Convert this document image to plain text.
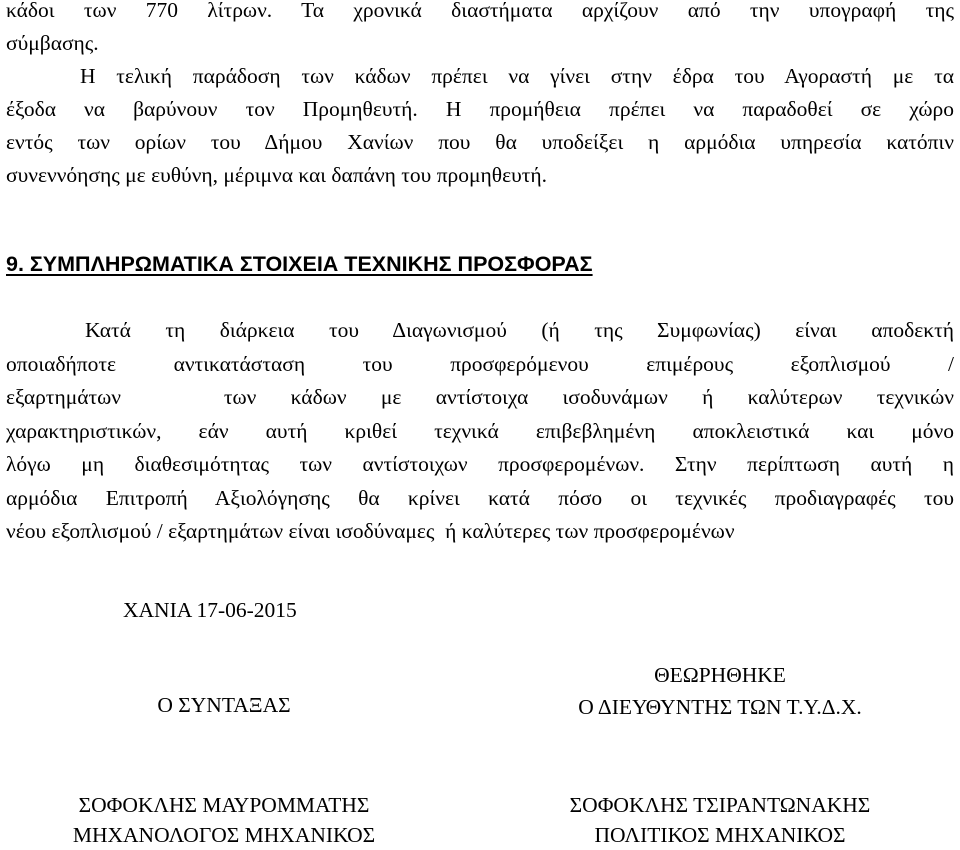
κάδοι των 770 λίτρων. Τα χρονικά διαστήματα αρχίζουν από την υπογραφή της
σύμβασης.
Η τελική παράδοση των κάδων πρέπει να γίνει στην έδρα του Αγοραστή με τα
έξοδα να βαρύνουν τον Προμηθευτή. Η προμήθεια πρέπει να παραδοθεί σε χώρο
εντός των ορίων του Δήμου Χανίων που θα υποδείξει η αρμόδια υπηρεσία κατόπιν
συνεννόησης με ευθύνη, μέριμνα και δαπάνη του προμηθευτή.
9. ΣΥΜΠΛΗΡΩΜΑΤΙΚΑ ΣΤΟΙΧΕΙΑ ΤΕΧΝΙΚΗΣ ΠΡΟΣΦΟΡΑΣ
Κατά τη διάρκεια του Διαγωνισμού (ή της Συμφωνίας) είναι αποδεκτή
οποιαδήποτε αντικατάσταση του προσφερόμενου επιμέρους εξοπλισμού /
εξαρτημάτων   των κάδων με αντίστοιχα ισοδυνάμων ή καλύτερων τεχνικών
χαρακτηριστικών, εάν αυτή κριθεί τεχνικά επιβεβλημένη αποκλειστικά και μόνο
λόγω μη διαθεσιμότητας των αντίστοιχων προσφερομένων. Στην περίπτωση αυτή η
αρμόδια Επιτροπή Αξιολόγησης θα κρίνει κατά πόσο οι τεχνικές προδιαγραφές του
νέου εξοπλισμού / εξαρτημάτων είναι ισοδύναμες  ή καλύτερες των προσφερομένων
ΧΑΝΙΑ 17-06-2015
Ο ΣΥΝΤΑΞΑΣ
ΘΕΩΡΗΘΗΚΕ
Ο ΔΙΕΥΘΥΝΤΗΣ ΤΩΝ Τ.Υ.Δ.Χ.
ΣΟΦΟΚΛΗΣ ΜΑΥΡΟΜΜΑΤΗΣ
ΜΗΧΑΝΟΛΟΓΟΣ ΜΗΧΑΝΙΚΟΣ
ΣΟΦΟΚΛΗΣ ΤΣΙΡΑΝΤΩΝΑΚΗΣ
ΠΟΛΙΤΙΚΟΣ ΜΗΧΑΝΙΚΟΣ
